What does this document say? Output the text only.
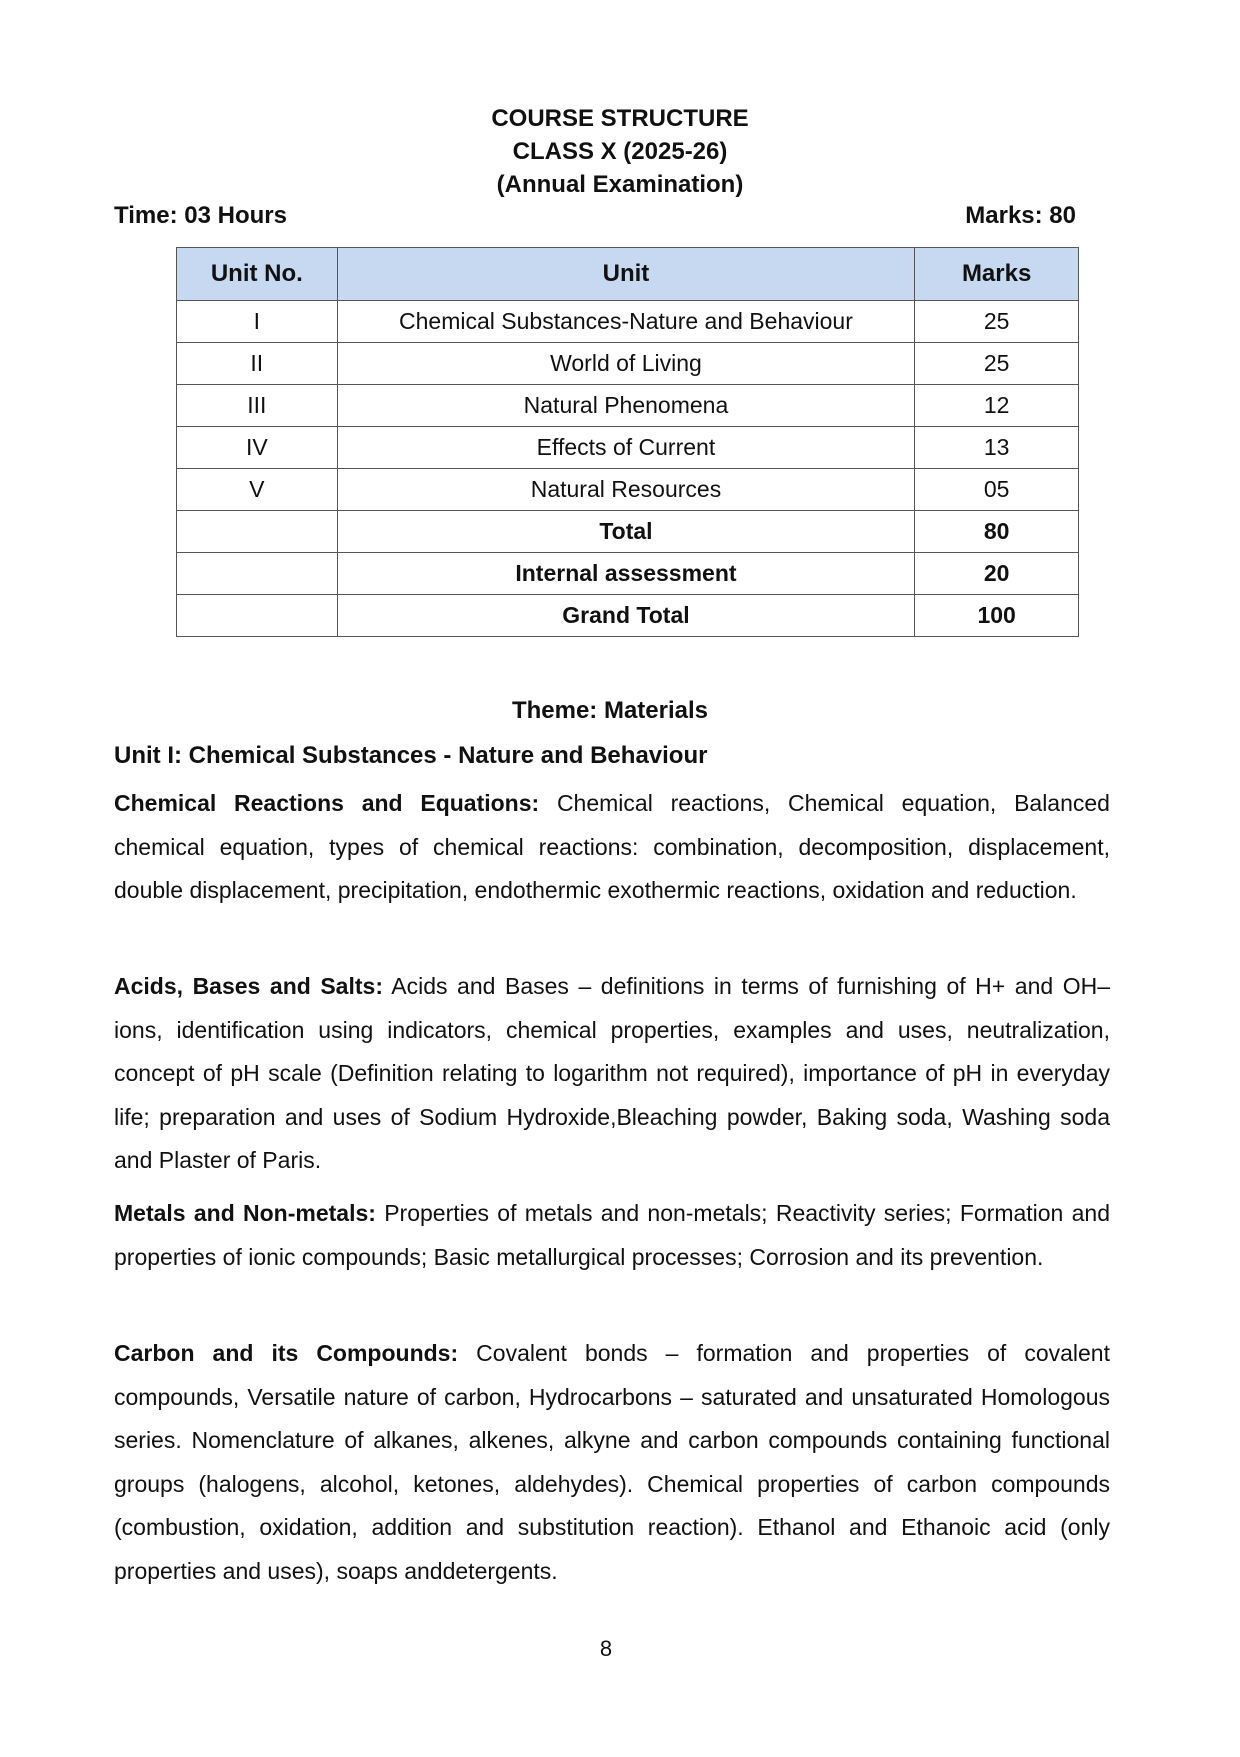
COURSE STRUCTURE
CLASS X (2025-26)
(Annual Examination)
Time: 03 Hours	Marks: 80
Unit No.	Unit	Marks
I	Chemical Substances-Nature and Behaviour	25
II	World of Living	25
III	Natural Phenomena	12
IV	Effects of Current	13
V	Natural Resources	05
	Total	80
	Internal assessment	20
	Grand Total	100
Theme: Materials
Unit I: Chemical Substances - Nature and Behaviour

Chemical Reactions and Equations: Chemical reactions, Chemical equation, Balanced chemical equation, types of chemical reactions: combination, decomposition, displacement, double displacement, precipitation, endothermic exothermic reactions, oxidation and reduction.

Acids, Bases and Salts: Acids and Bases – definitions in terms of furnishing of H+ and OH– ions, identification using indicators, chemical properties, examples and uses, neutralization, concept of pH scale (Definition relating to logarithm not required), importance of pH in everyday life; preparation and uses of Sodium Hydroxide,Bleaching powder, Baking soda, Washing soda and Plaster of Paris.

Metals and Non-metals: Properties of metals and non-metals; Reactivity series; Formation and properties of ionic compounds; Basic metallurgical processes; Corrosion and its prevention.

Carbon and its Compounds: Covalent bonds – formation and properties of covalent compounds, Versatile nature of carbon, Hydrocarbons – saturated and unsaturated Homologous series. Nomenclature of alkanes, alkenes, alkyne and carbon compounds containing functional groups (halogens, alcohol, ketones, aldehydes). Chemical properties of carbon compounds (combustion, oxidation, addition and substitution reaction). Ethanol and Ethanoic acid (only properties and uses), soaps anddetergents.

8
